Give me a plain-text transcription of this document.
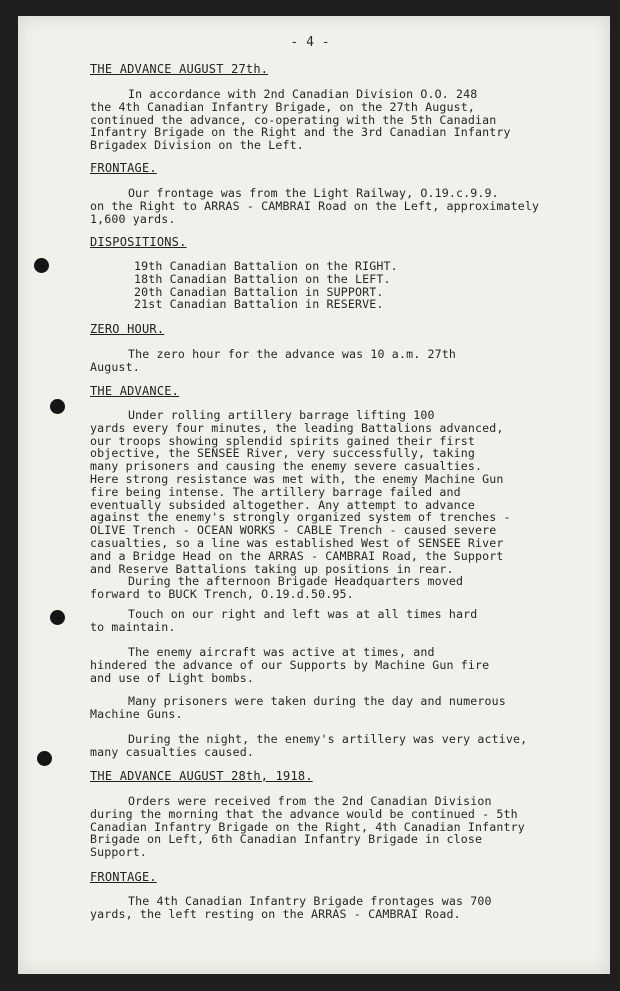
- 4 -
THE ADVANCE AUGUST 27th.
In accordance with 2nd Canadian Division O.O. 248
the 4th Canadian Infantry Brigade, on the 27th August,
continued the advance, co-operating with the 5th Canadian
Infantry Brigade on the Right and the 3rd Canadian Infantry
Brigadex Division on the Left.
FRONTAGE.
Our frontage was from the Light Railway, O.19.c.9.9.
on the Right to ARRAS - CAMBRAI Road on the Left, approximately
1,600 yards.
DISPOSITIONS.
19th Canadian Battalion on the RIGHT.
18th Canadian Battalion on the LEFT.
20th Canadian Battalion in SUPPORT.
21st Canadian Battalion in RESERVE.
ZERO HOUR.
The zero hour for the advance was 10 a.m. 27th
August.
THE ADVANCE.
Under rolling artillery barrage lifting 100
yards every four minutes, the leading Battalions advanced,
our troops showing splendid spirits gained their first
objective, the SENSEE River, very successfully, taking
many prisoners and causing the enemy severe casualties.
Here strong resistance was met with, the enemy Machine Gun
fire being intense. The artillery barrage failed and
eventually subsided altogether. Any attempt to advance
against the enemy's strongly organized system of trenches -
OLIVE Trench - OCEAN WORKS - CABLE Trench - caused severe
casualties, so a line was established West of SENSEE River
and a Bridge Head on the ARRAS - CAMBRAI Road, the Support
and Reserve Battalions taking up positions in rear.
During the afternoon Brigade Headquarters moved
forward to BUCK Trench, O.19.d.50.95.
Touch on our right and left was at all times hard
to maintain.
The enemy aircraft was active at times, and
hindered the advance of our Supports by Machine Gun fire
and use of Light bombs.
Many prisoners were taken during the day and numerous
Machine Guns.
During the night, the enemy's artillery was very active,
many casualties caused.
THE ADVANCE AUGUST 28th, 1918.
Orders were received from the 2nd Canadian Division
during the morning that the advance would be continued - 5th
Canadian Infantry Brigade on the Right, 4th Canadian Infantry
Brigade on Left, 6th Canadian Infantry Brigade in close
Support.
FRONTAGE.
The 4th Canadian Infantry Brigade frontages was 700
yards, the left resting on the ARRAS - CAMBRAI Road.
